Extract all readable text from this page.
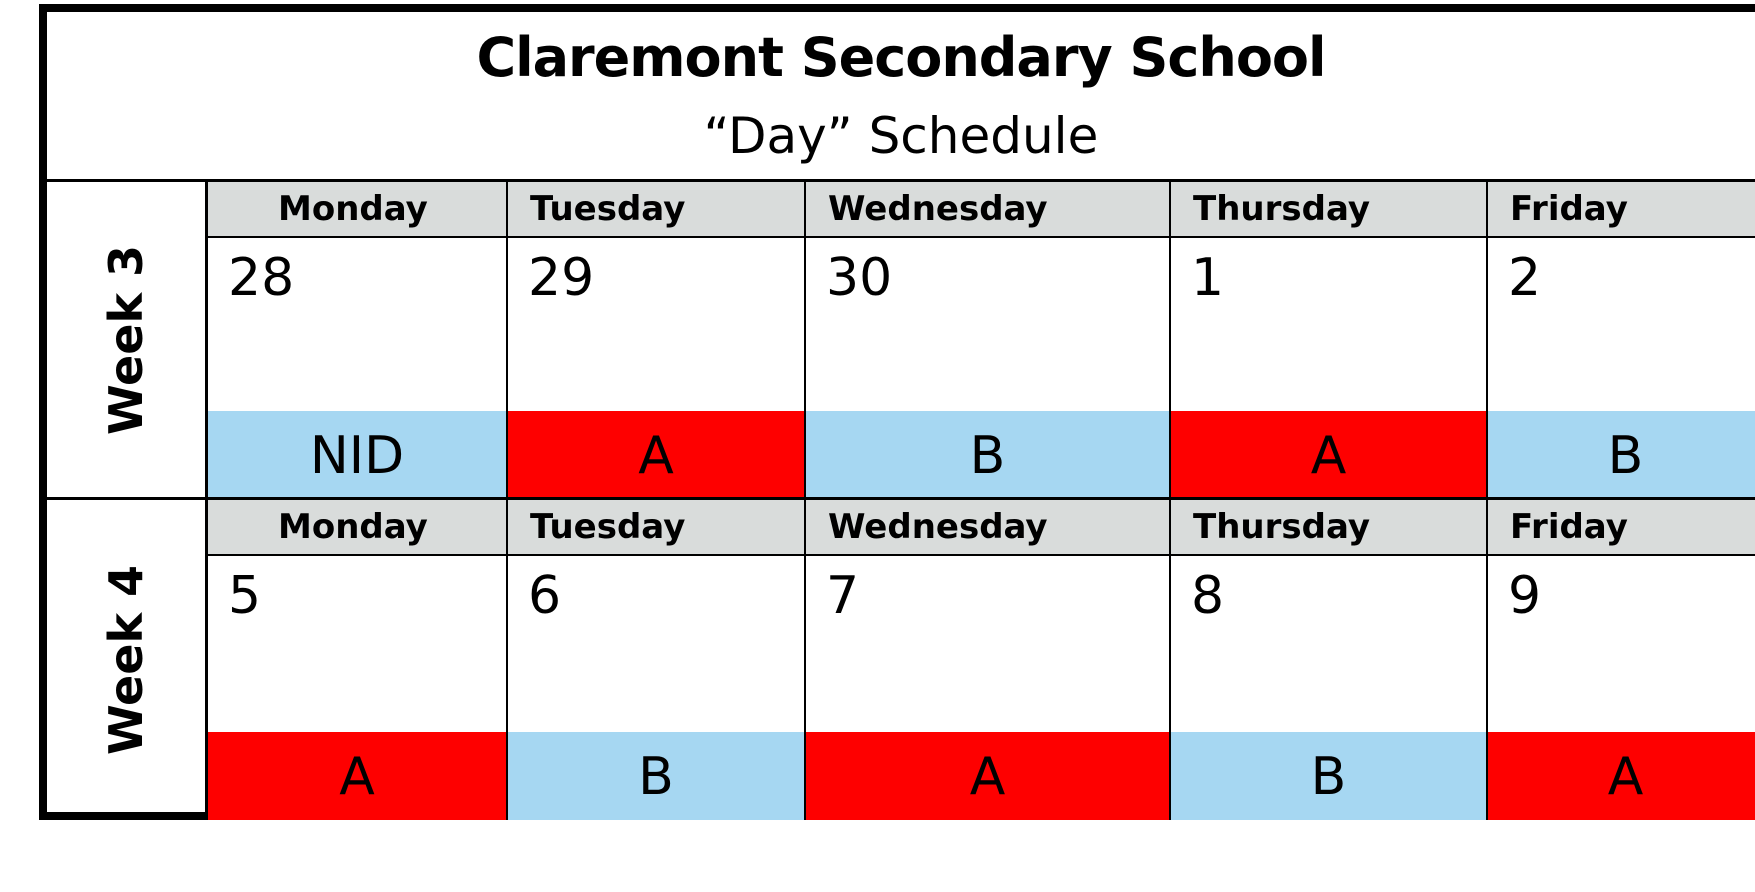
Claremont Secondary School
“Day” Schedule
Week 3
Monday
28
NID
Tuesday
29
A
Wednesday
30
B
Thursday
1
A
Friday
2
B
Week 4
Monday
5
A
Tuesday
6
B
Wednesday
7
A
Thursday
8
B
Friday
9
A
